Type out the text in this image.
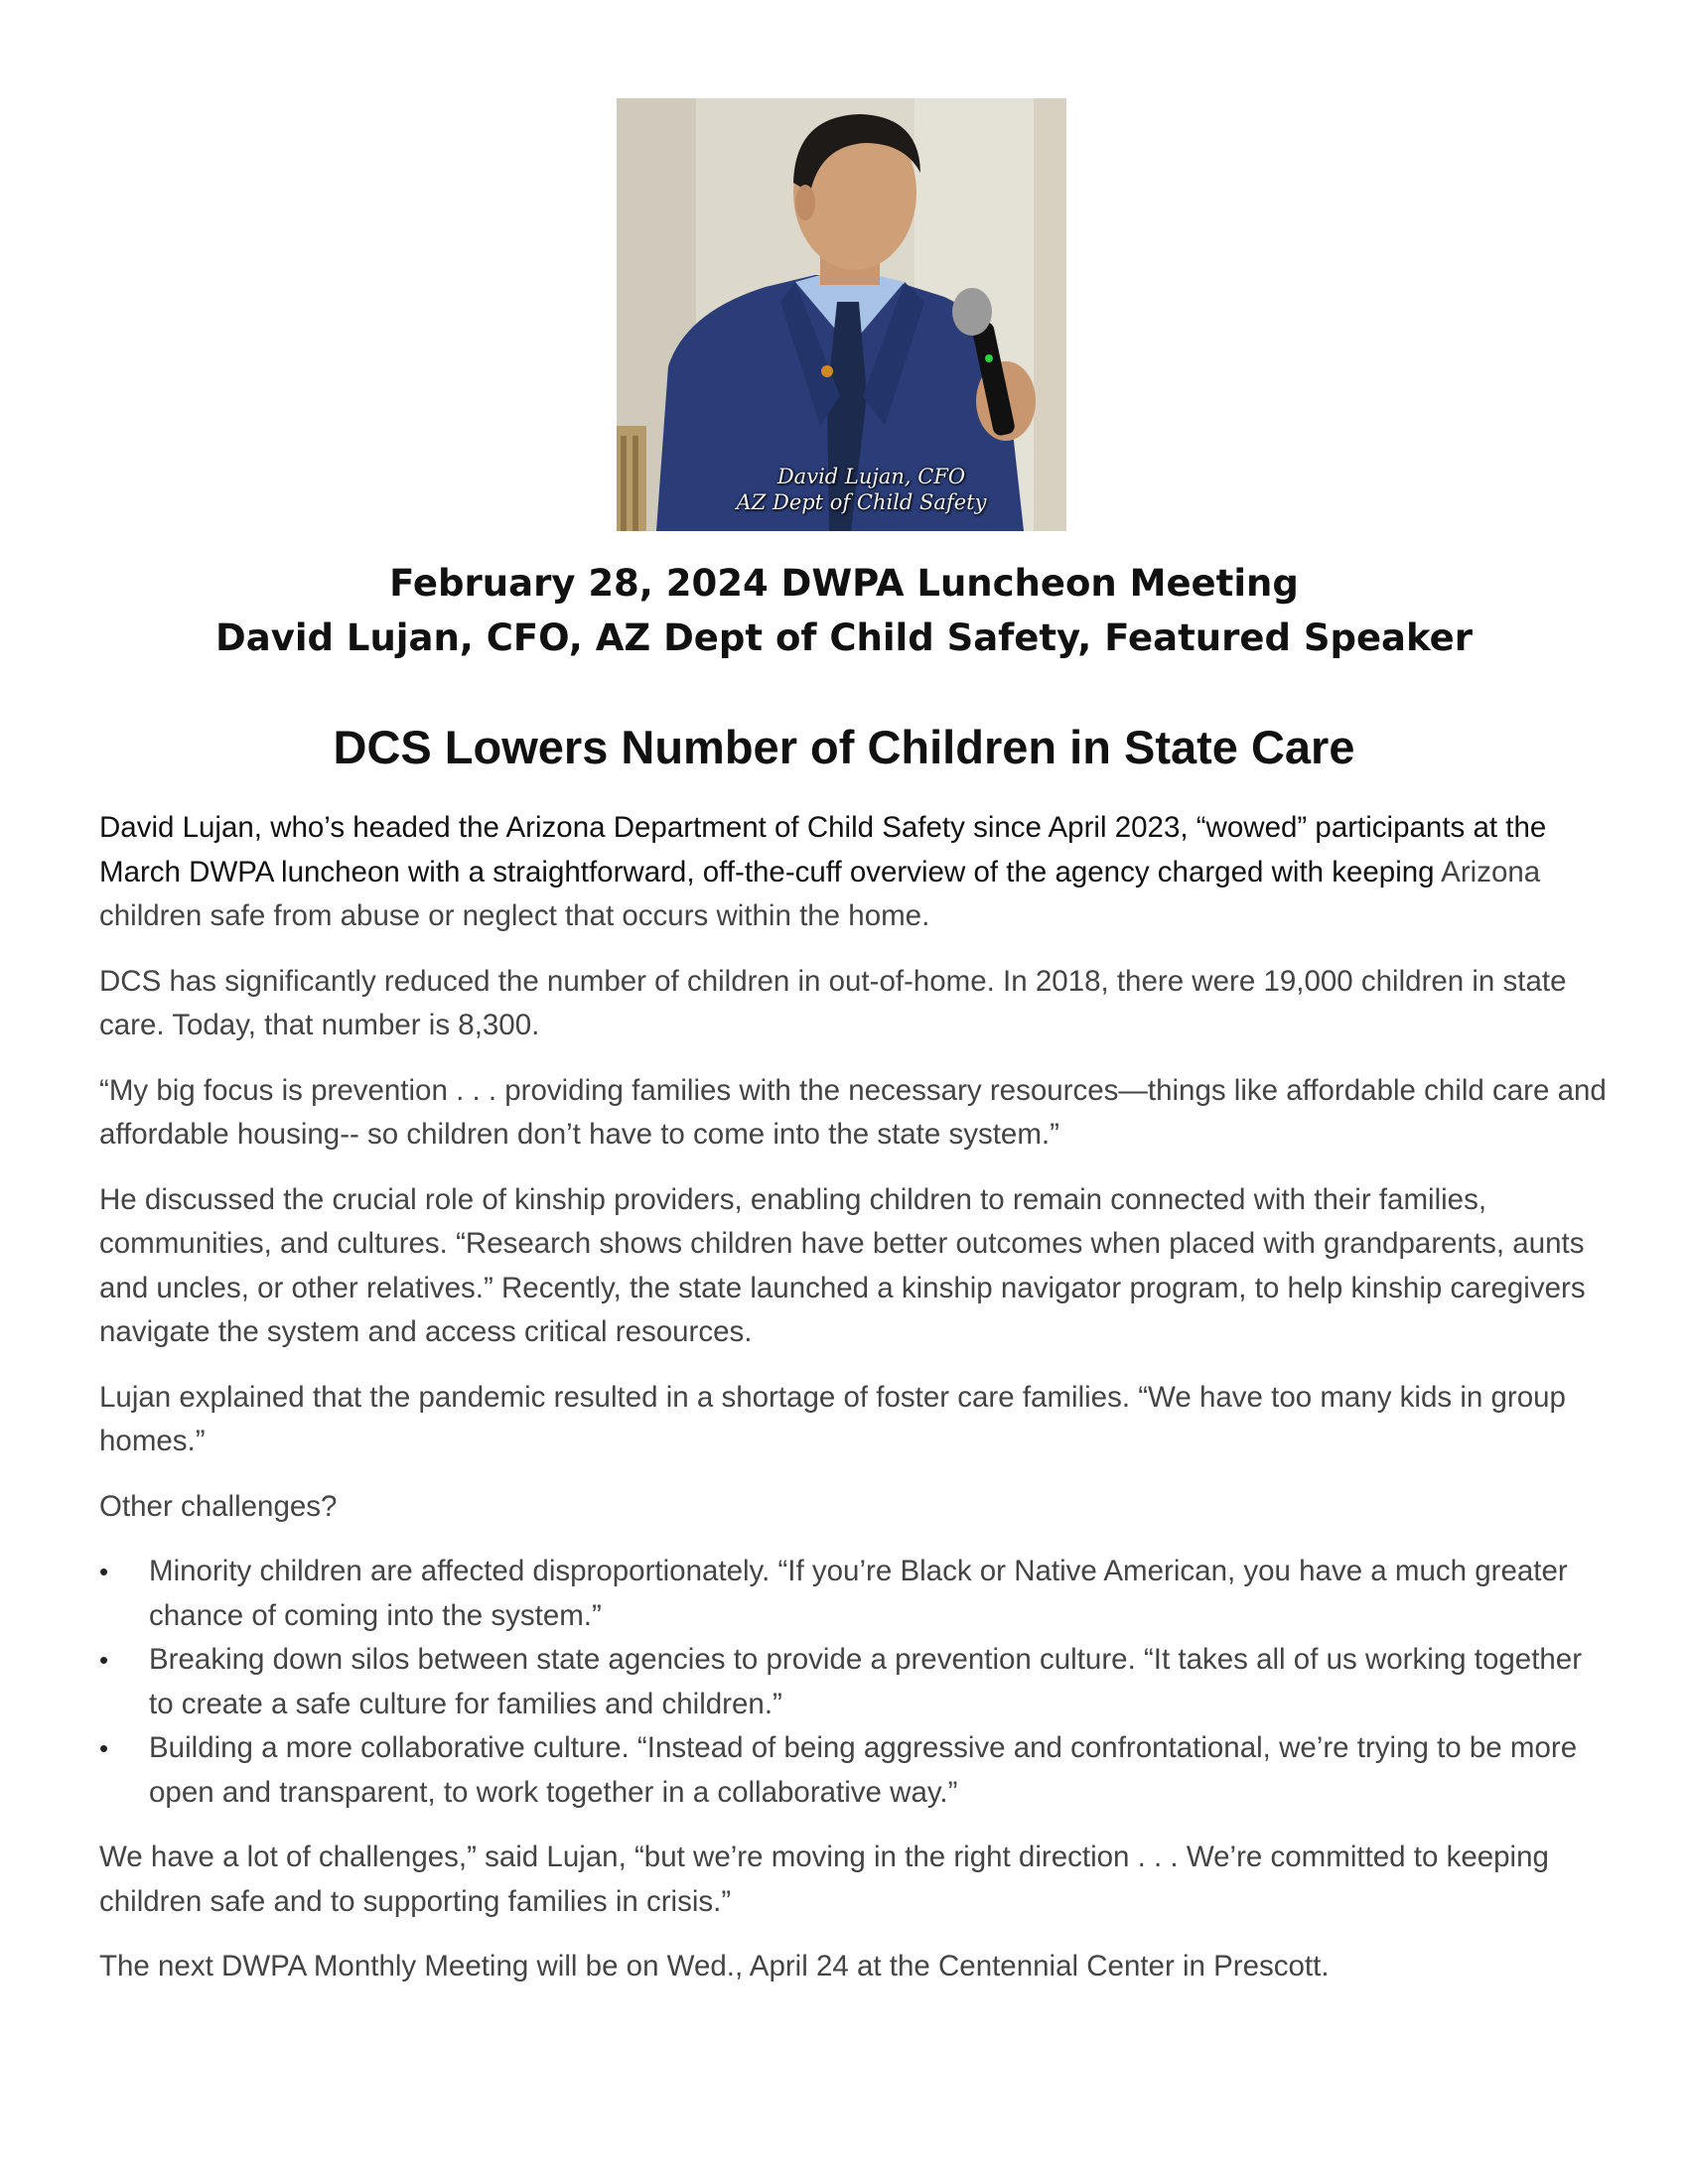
David Lujan, CFO
AZ Dept of Child Safety
February 28, 2024 DWPA Luncheon Meeting
David Lujan, CFO, AZ Dept of Child Safety, Featured Speaker
DCS Lowers Number of Children in State Care

David Lujan, who’s headed the Arizona Department of Child Safety since April 2023, “wowed” participants at the March DWPA luncheon with a straightforward, off-the-cuff overview of the agency charged with keeping Arizona children safe from abuse or neglect that occurs within the home.

DCS has significantly reduced the number of children in out-of-home. In 2018, there were 19,000 children in state care. Today, that number is 8,300.

“My big focus is prevention . . . providing families with the necessary resources—things like affordable child care and affordable housing-- so children don’t have to come into the state system.”

He discussed the crucial role of kinship providers, enabling children to remain connected with their families, communities, and cultures. “Research shows children have better outcomes when placed with grandparents, aunts and uncles, or other relatives.” Recently, the state launched a kinship navigator program, to help kinship caregivers navigate the system and access critical resources.

Lujan explained that the pandemic resulted in a shortage of foster care families. “We have too many kids in group homes.”

Other challenges?

• Minority children are affected disproportionately. “If you’re Black or Native American, you have a much greater chance of coming into the system.”
• Breaking down silos between state agencies to provide a prevention culture. “It takes all of us working together to create a safe culture for families and children.”
• Building a more collaborative culture. “Instead of being aggressive and confrontational, we’re trying to be more open and transparent, to work together in a collaborative way.”

We have a lot of challenges,” said Lujan, “but we’re moving in the right direction . . . We’re committed to keeping children safe and to supporting families in crisis.”

The next DWPA Monthly Meeting will be on Wed., April 24 at the Centennial Center in Prescott.
